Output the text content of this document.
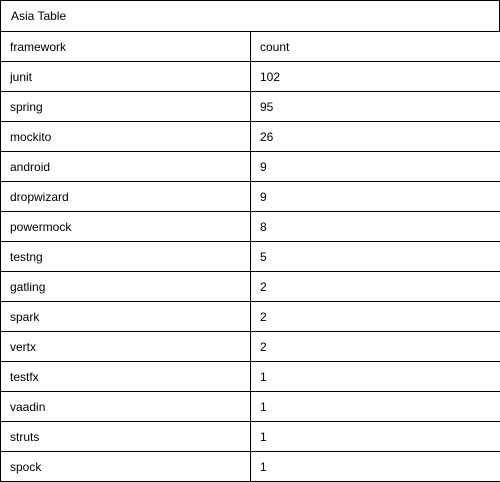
Asia Table
framework	count
junit	102
spring	95
mockito	26
android	9
dropwizard	9
powermock	8
testng	5
gatling	2
spark	2
vertx	2
testfx	1
vaadin	1
struts	1
spock	1
